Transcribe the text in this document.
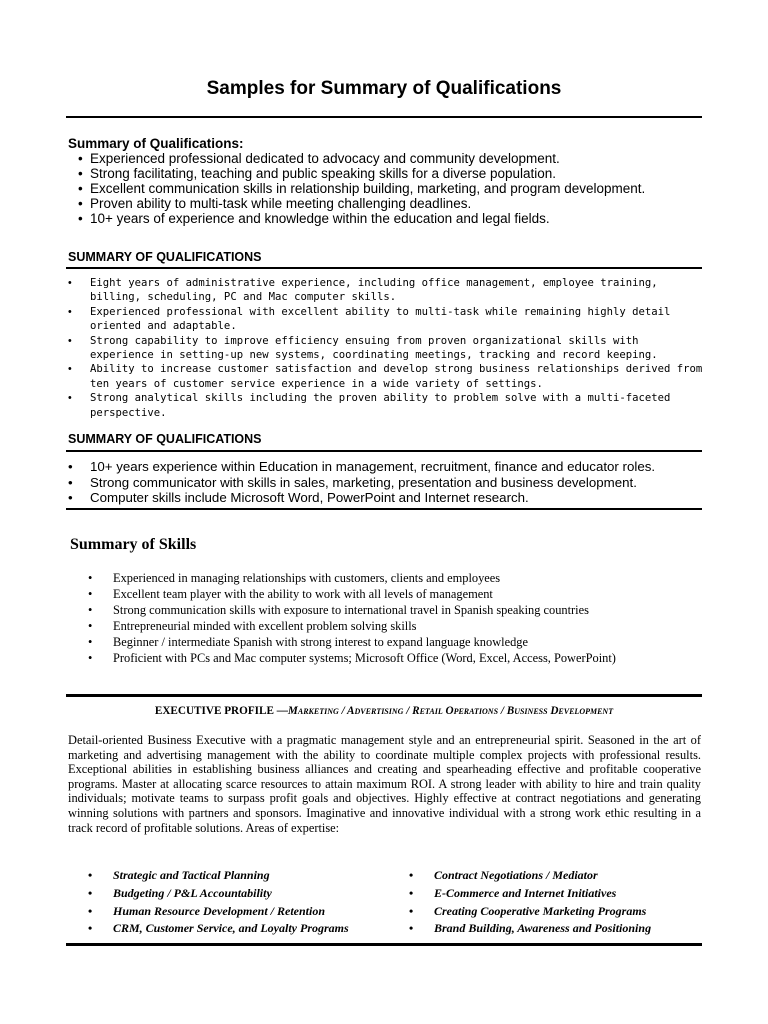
Samples for Summary of Qualifications
Summary of Qualifications:
• Experienced professional dedicated to advocacy and community development.
• Strong facilitating, teaching and public speaking skills for a diverse population.
• Excellent communication skills in relationship building, marketing, and program development.
• Proven ability to multi-task while meeting challenging deadlines.
• 10+ years of experience and knowledge within the education and legal fields.
SUMMARY OF QUALIFICATIONS
• Eight years of administrative experience, including office management, employee training, billing, scheduling, PC and Mac computer skills.
• Experienced professional with excellent ability to multi-task while remaining highly detail oriented and adaptable.
• Strong capability to improve efficiency ensuing from proven organizational skills with experience in setting-up new systems, coordinating meetings, tracking and record keeping.
• Ability to increase customer satisfaction and develop strong business relationships derived from ten years of customer service experience in a wide variety of settings.
• Strong analytical skills including the proven ability to problem solve with a multi-faceted perspective.
SUMMARY OF QUALIFICATIONS
• 10+ years experience within Education in management, recruitment, finance and educator roles.
• Strong communicator with skills in sales, marketing, presentation and business development.
• Computer skills include Microsoft Word, PowerPoint and Internet research.
Summary of Skills
• Experienced in managing relationships with customers, clients and employees
• Excellent team player with the ability to work with all levels of management
• Strong communication skills with exposure to international travel in Spanish speaking countries
• Entrepreneurial minded with excellent problem solving skills
• Beginner / intermediate Spanish with strong interest to expand language knowledge
• Proficient with PCs and Mac computer systems; Microsoft Office (Word, Excel, Access, PowerPoint)
EXECUTIVE PROFILE —Marketing / Advertising / Retail Operations / Business Development

Detail-oriented Business Executive with a pragmatic management style and an entrepreneurial spirit. Seasoned in the art of marketing and advertising management with the ability to coordinate multiple complex projects with professional results. Exceptional abilities in establishing business alliances and creating and spearheading effective and profitable cooperative programs. Master at allocating scarce resources to attain maximum ROI. A strong leader with ability to hire and train quality individuals; motivate teams to surpass profit goals and objectives. Highly effective at contract negotiations and generating winning solutions with partners and sponsors. Imaginative and innovative individual with a strong work ethic resulting in a track record of profitable solutions. Areas of expertise:

• Strategic and Tactical Planning
• Budgeting / P&L Accountability
• Human Resource Development / Retention
• CRM, Customer Service, and Loyalty Programs
• Contract Negotiations / Mediator
• E-Commerce and Internet Initiatives
• Creating Cooperative Marketing Programs
• Brand Building, Awareness and Positioning
